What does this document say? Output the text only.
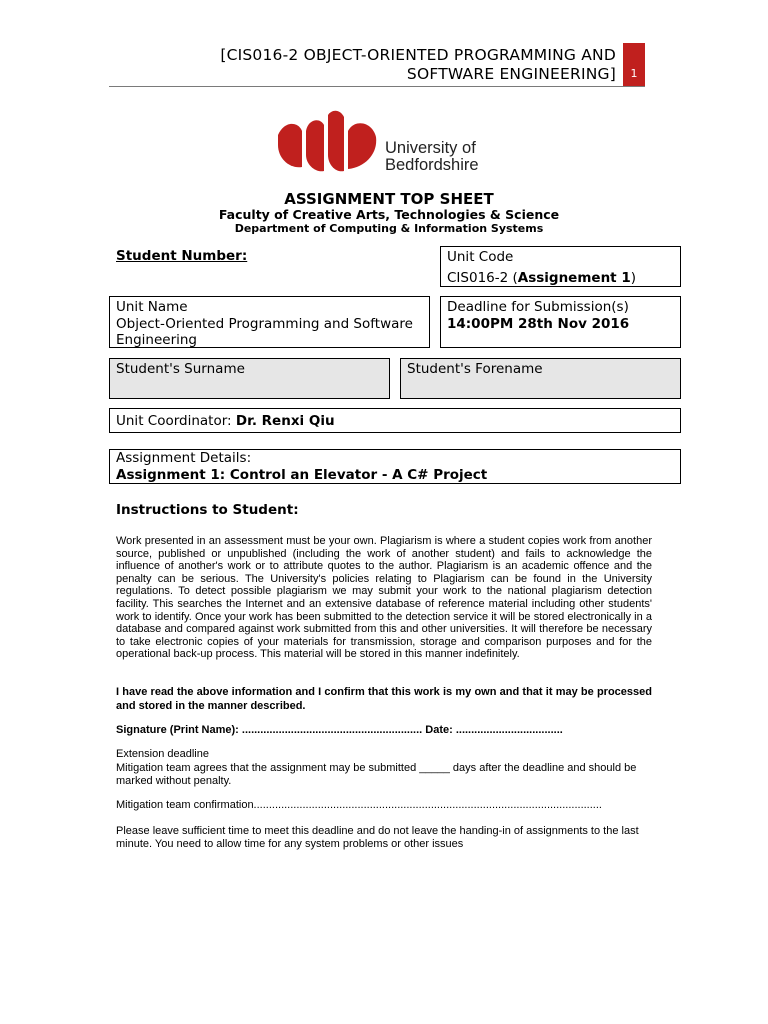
[CIS016-2 OBJECT-ORIENTED PROGRAMMING AND
SOFTWARE ENGINEERING]	1
University of
Bedfordshire
ASSIGNMENT TOP SHEET
Faculty of Creative Arts, Technologies & Science
Department of Computing & Information Systems
Student Number:	Unit Code
CIS016-2 (Assignement 1)
Unit Name
Object-Oriented Programming and Software Engineering
Deadline for Submission(s)
14:00PM 28th Nov 2016
Student's Surname	Student's Forename
Unit Coordinator: Dr. Renxi Qiu
Assignment Details:
Assignment 1: Control an Elevator - A C# Project
Instructions to Student:
Work presented in an assessment must be your own. Plagiarism is where a student copies work from another source, published or unpublished (including the work of another student) and fails to acknowledge the influence of another's work or to attribute quotes to the author. Plagiarism is an academic offence and the penalty can be serious. The University's policies relating to Plagiarism can be found in the University regulations. To detect possible plagiarism we may submit your work to the national plagiarism detection facility. This searches the Internet and an extensive database of reference material including other students' work to identify. Once your work has been submitted to the detection service it will be stored electronically in a database and compared against work submitted from this and other universities. It will therefore be necessary to take electronic copies of your materials for transmission, storage and comparison purposes and for the operational back-up process. This material will be stored in this manner indefinitely.
I have read the above information and I confirm that this work is my own and that it may be processed and stored in the manner described.
Signature (Print Name): ........................................................... Date: ...................................
Extension deadline
Mitigation team agrees that the assignment may be submitted _____ days after the deadline and should be marked without penalty.
Mitigation team confirmation..................................................................................................................
Please leave sufficient time to meet this deadline and do not leave the handing-in of assignments to the last minute. You need to allow time for any system problems or other issues
